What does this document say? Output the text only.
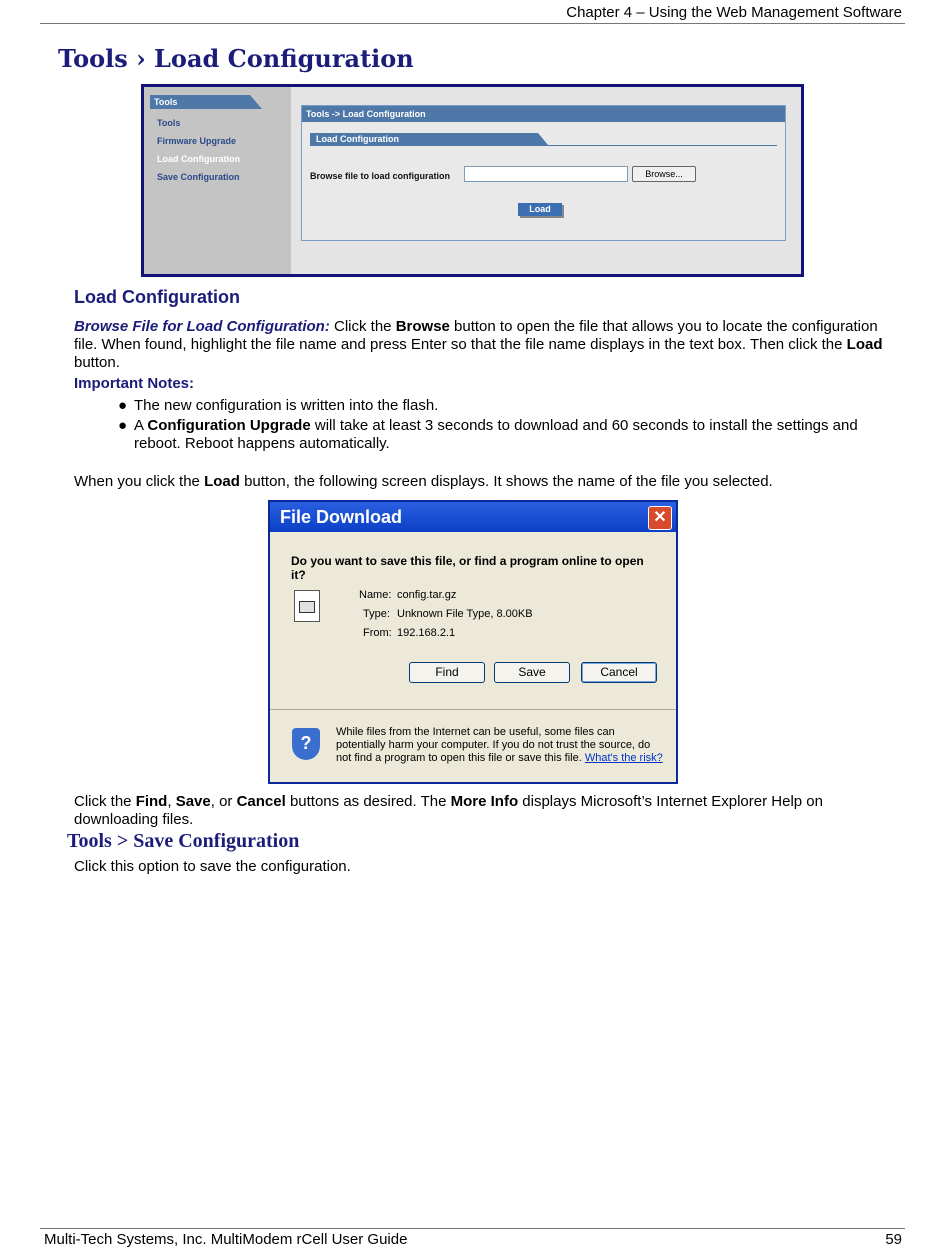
Chapter 4 – Using the Web Management Software
Tools › Load Configuration
Tools
Tools
Firmware Upgrade
Load Configuration
Save Configuration
Tools -> Load Configuration
Load Configuration
Browse file to load configuration	Browse...
Load
Load Configuration
Browse File for Load Configuration: Click the Browse button to open the file that allows you to locate the configuration file. When found, highlight the file name and press Enter so that the file name displays in the text box. Then click the Load button.
Important Notes:
● The new configuration is written into the flash.
● A Configuration Upgrade will take at least 3 seconds to download and 60 seconds to install the settings and reboot. Reboot happens automatically.
When you click the Load button, the following screen displays. It shows the name of the file you selected.
File Download	✕
Do you want to save this file, or find a program online to open it?
Name: config.tar.gz
Type: Unknown File Type, 8.00KB
From: 192.168.2.1
Find	Save	Cancel
?
While files from the Internet can be useful, some files can potentially harm your computer. If you do not trust the source, do not find a program to open this file or save this file. What's the risk?
Click the Find, Save, or Cancel buttons as desired. The More Info displays Microsoft’s Internet Explorer Help on downloading files.
Tools > Save Configuration
Click this option to save the configuration.
Multi-Tech Systems, Inc. MultiModem rCell User Guide	59
